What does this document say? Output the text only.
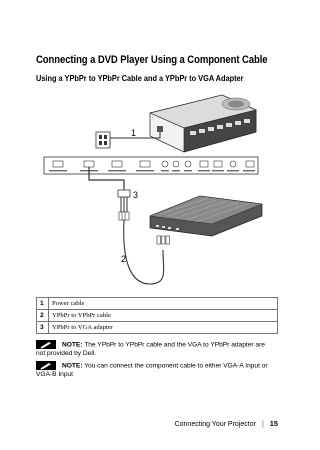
Connecting a DVD Player Using a Component Cable
Using a YPbPr to YPbPr Cable and a YPbPr to VGA Adapter
1
3
2
1	Power cable
2	YPbPr to YPbPr cable
3	YPbPr to VGA adapter
NOTE: The YPbPr to YPbPr cable and the VGA to YPbPr adapter are not provided by Dell.
NOTE: You can connect the component cable to either VGA-A Input or VGA-B Input
Connecting Your Projector | 15
